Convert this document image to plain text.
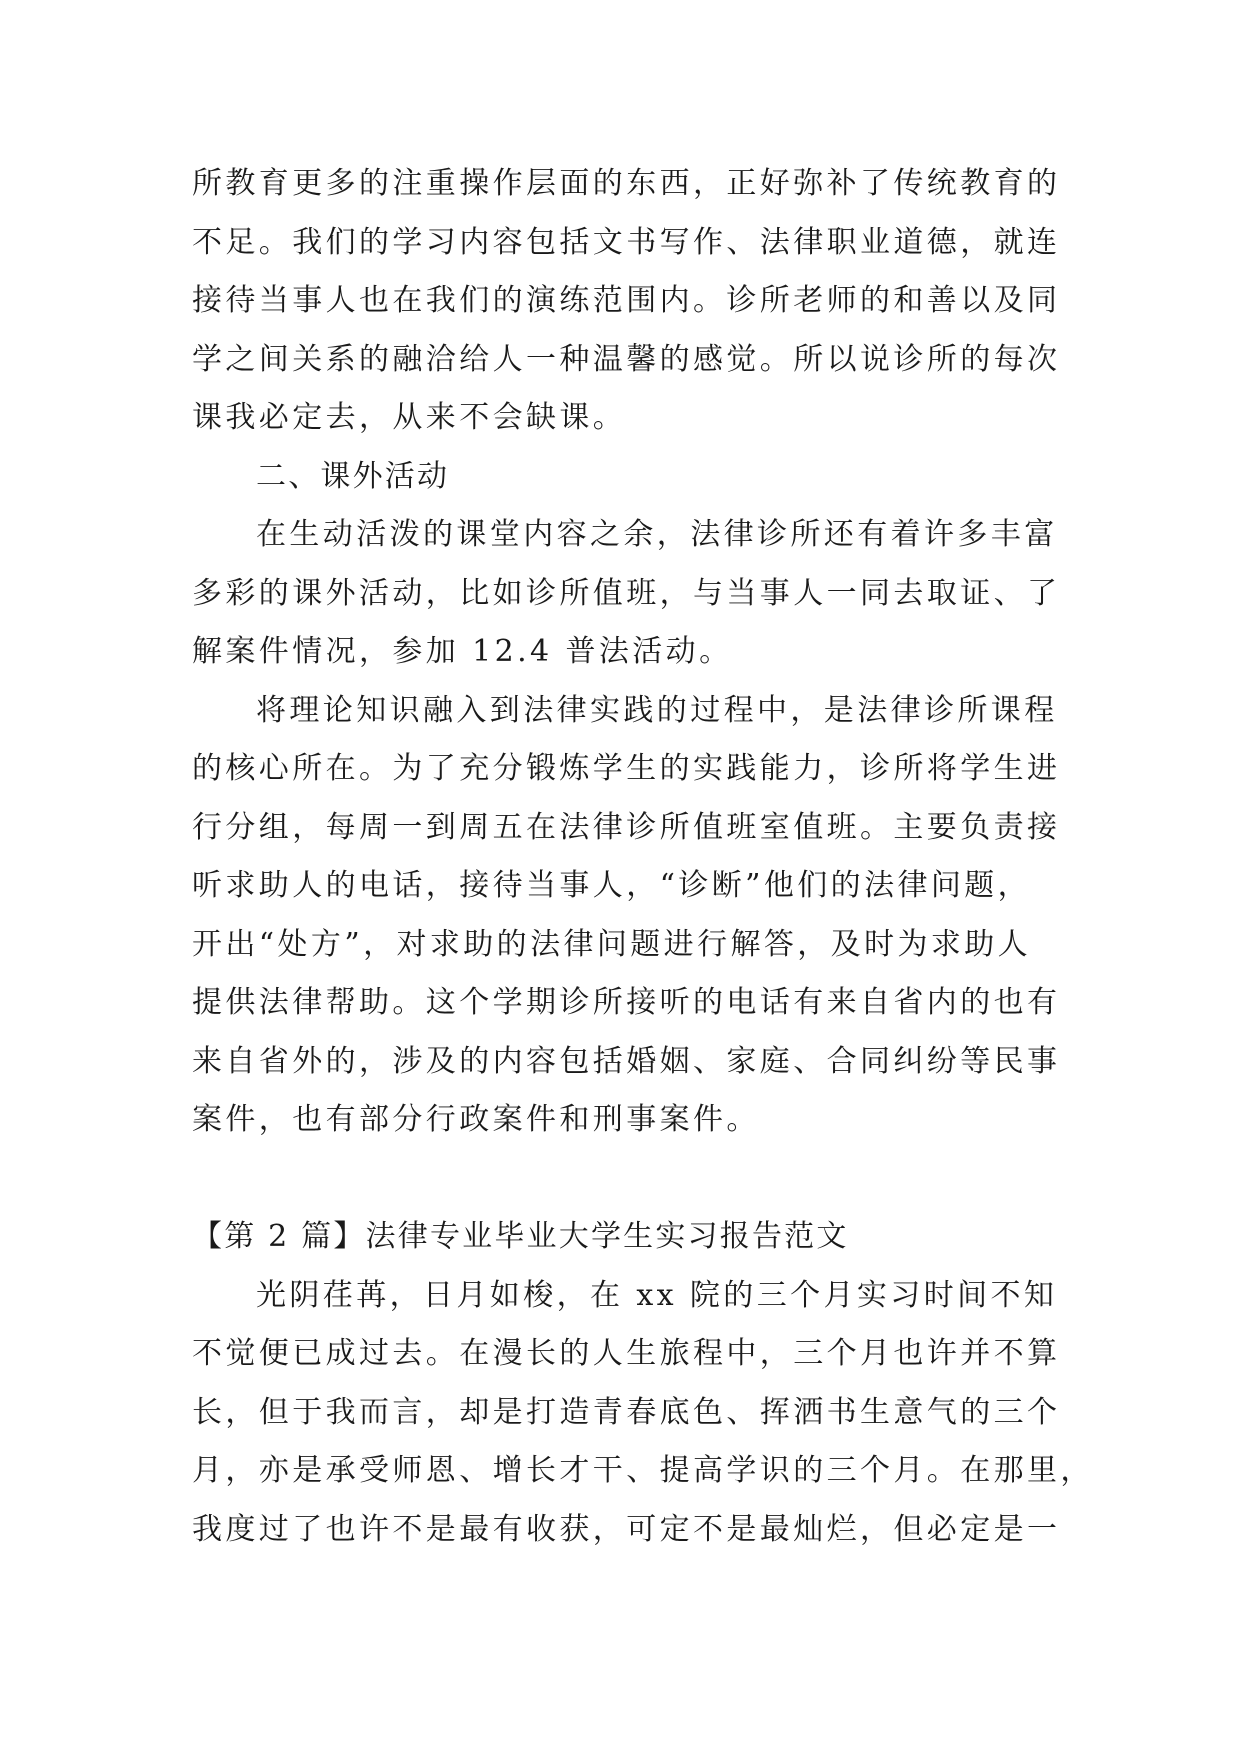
所教育更多的注重操作层面的东西，正好弥补了传统教育的
不足。我们的学习内容包括文书写作、法律职业道德，就连
接待当事人也在我们的演练范围内。诊所老师的和善以及同
学之间关系的融洽给人一种温馨的感觉。所以说诊所的每次
课我必定去，从来不会缺课。
二、课外活动
在生动活泼的课堂内容之余，法律诊所还有着许多丰富
多彩的课外活动，比如诊所值班，与当事人一同去取证、了
解案件情况，参加 12.4 普法活动。
将理论知识融入到法律实践的过程中，是法律诊所课程
的核心所在。为了充分锻炼学生的实践能力，诊所将学生进
行分组，每周一到周五在法律诊所值班室值班。主要负责接
听求助人的电话，接待当事人，“诊断”他们的法律问题，
开出“处方”，对求助的法律问题进行解答，及时为求助人
提供法律帮助。这个学期诊所接听的电话有来自省内的也有
来自省外的，涉及的内容包括婚姻、家庭、合同纠纷等民事
案件，也有部分行政案件和刑事案件。
【第 2 篇】法律专业毕业大学生实习报告范文
光阴荏苒，日月如梭，在 xx 院的三个月实习时间不知
不觉便已成过去。在漫长的人生旅程中，三个月也许并不算
长，但于我而言，却是打造青春底色、挥洒书生意气的三个
月，亦是承受师恩、增长才干、提高学识的三个月。在那里，
我度过了也许不是最有收获，可定不是最灿烂，但必定是一
